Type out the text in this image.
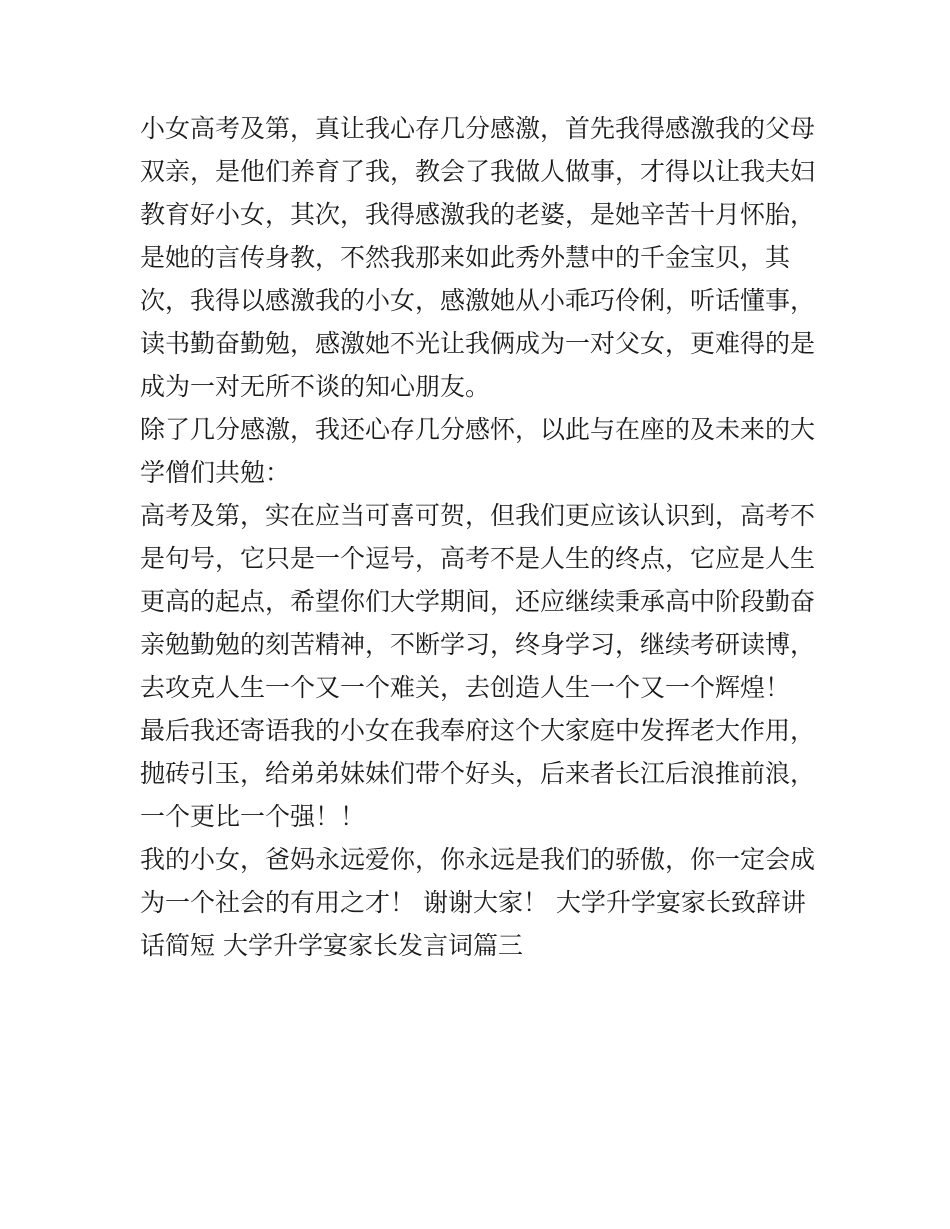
小女高考及第，真让我心存几分感激，首先我得感激我的父母
双亲，是他们养育了我，教会了我做人做事，才得以让我夫妇
教育好小女，其次，我得感激我的老婆，是她辛苦十月怀胎，
是她的言传身教，不然我那来如此秀外慧中的千金宝贝，其
次，我得以感激我的小女，感激她从小乖巧伶俐，听话懂事，
读书勤奋勤勉，感激她不光让我俩成为一对父女，更难得的是
成为一对无所不谈的知心朋友。
除了几分感激，我还心存几分感怀，以此与在座的及未来的大
学僧们共勉：
高考及第，实在应当可喜可贺，但我们更应该认识到，高考不
是句号，它只是一个逗号，高考不是人生的终点，它应是人生
更高的起点，希望你们大学期间，还应继续秉承高中阶段勤奋
亲勉勤勉的刻苦精神，不断学习，终身学习，继续考研读博，
去攻克人生一个又一个难关，去创造人生一个又一个辉煌！
最后我还寄语我的小女在我奉府这个大家庭中发挥老大作用，
抛砖引玉，给弟弟妹妹们带个好头，后来者长江后浪推前浪，
一个更比一个强！！
我的小女，爸妈永远爱你，你永远是我们的骄傲，你一定会成
为一个社会的有用之才！ 谢谢大家！ 大学升学宴家长致辞讲
话简短 大学升学宴家长发言词篇三
